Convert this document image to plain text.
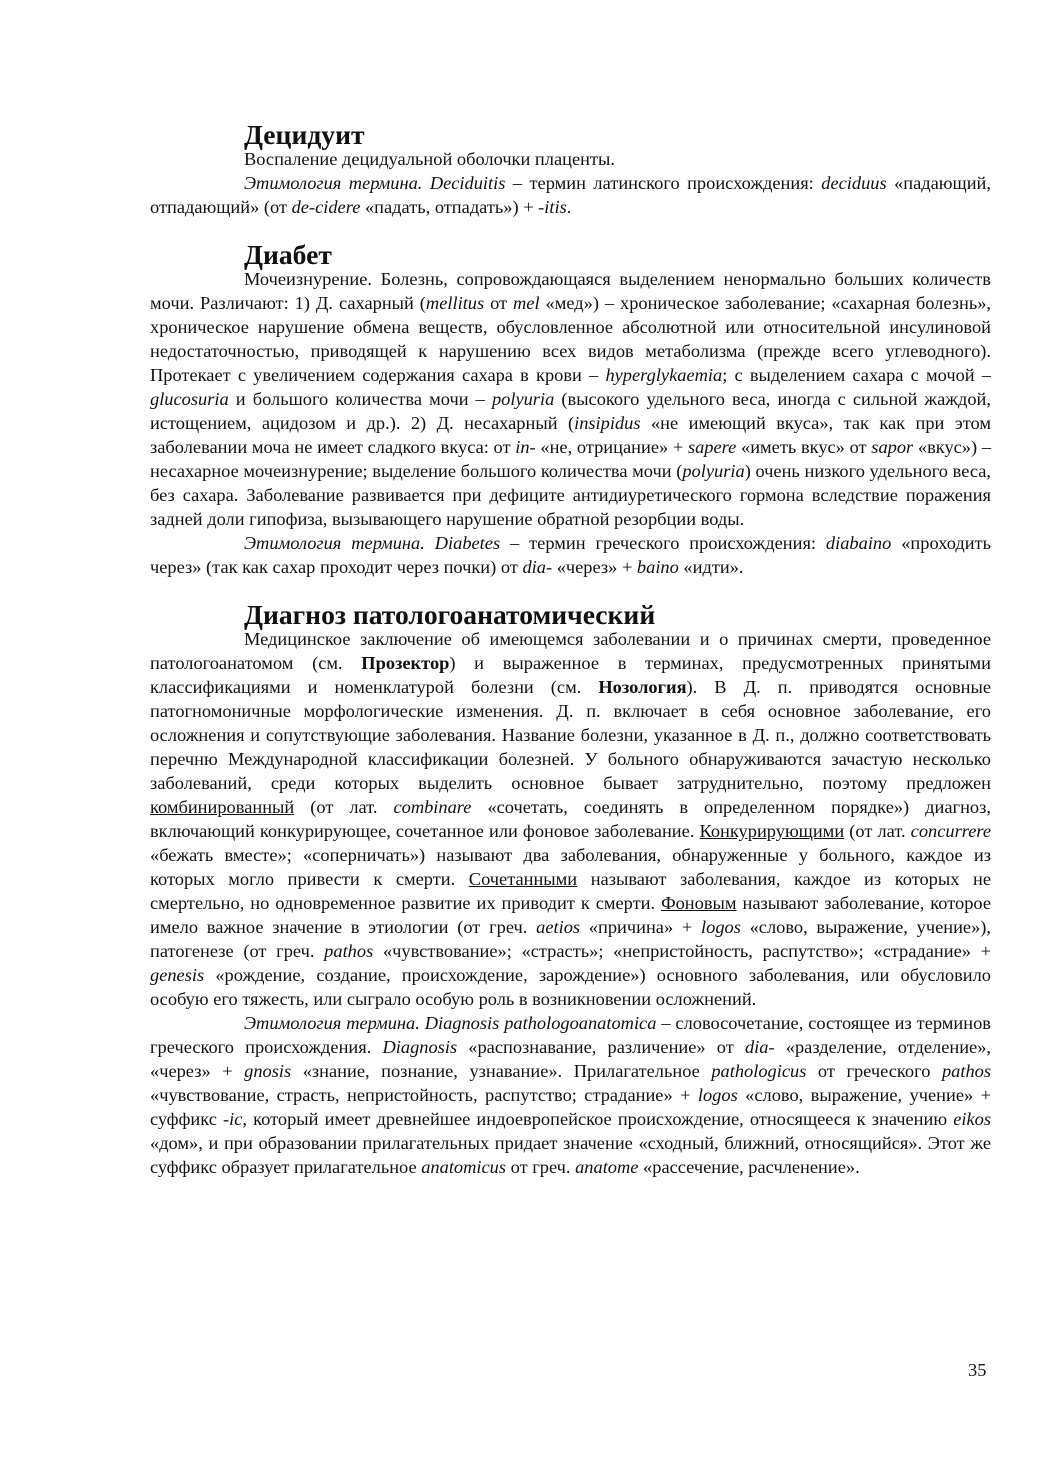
Децидуит

Воспаление децидуальной оболочки плаценты.

Этимология термина. Deciduitis – термин латинского происхождения: deciduus «падающий, отпадающий» (от de-cidere «падать, отпадать») + -itis.

Диабет

Мочеизнурение. Болезнь, сопровождающаяся выделением ненормально больших количеств мочи. Различают: 1) Д. сахарный (mellitus от mel «мед») – хроническое заболевание; «сахарная болезнь», хроническое нарушение обмена веществ, обусловленное абсолютной или относительной инсулиновой недостаточностью, приводящей к нарушению всех видов метаболизма (прежде всего углеводного). Протекает с увеличением содержания сахара в крови – hyperglykaemia; с выделением сахара с мочой – glucosuria и большого количества мочи – polyuria (высокого удельного веса, иногда с сильной жаждой, истощением, ацидозом и др.). 2) Д. несахарный (insipidus «не имеющий вкуса», так как при этом заболевании моча не имеет сладкого вкуса: от in- «не, отрицание» + sapere «иметь вкус» от sapor «вкус») – несахарное мочеизнурение; выделение большого количества мочи (polyuria) очень низкого удельного веса, без сахара. Заболевание развивается при дефиците антидиуретического гормона вследствие поражения задней доли гипофиза, вызывающего нарушение обратной резорбции воды.

Этимология термина. Diabetes – термин греческого происхождения: diabaino «проходить через» (так как сахар проходит через почки) от dia- «через» + baino «идти».

Диагноз патологоанатомический

Медицинское заключение об имеющемся заболевании и о причинах смерти, проведенное патологоанатомом (см. Прозектор) и выраженное в терминах, предусмотренных принятыми классификациями и номенклатурой болезни (см. Нозология). В Д. п. приводятся основные патогномоничные морфологические изменения. Д. п. включает в себя основное заболевание, его осложнения и сопутствующие заболевания. Название болезни, указанное в Д. п., должно соответствовать перечню Международной классификации болезней. У больного обнаруживаются зачастую несколько заболеваний, среди которых выделить основное бывает затруднительно, поэтому предложен комбинированный (от лат. combinare «сочетать, соединять в определенном порядке») диагноз, включающий конкурирующее, сочетанное или фоновое заболевание. Конкурирующими (от лат. concurrere «бежать вместе»; «соперничать») называют два заболевания, обнаруженные у больного, каждое из которых могло привести к смерти. Сочетанными называют заболевания, каждое из которых не смертельно, но одновременное развитие их приводит к смерти. Фоновым называют заболевание, которое имело важное значение в этиологии (от греч. aetios «причина» + logos «слово, выражение, учение»), патогенезе (от греч. pathos «чувствование»; «страсть»; «непристойность, распутство»; «страдание» + genesis «рождение, создание, происхождение, зарождение») основного заболевания, или обусловило особую его тяжесть, или сыграло особую роль в возникновении осложнений.

Этимология термина. Diagnosis pathologoanatomica – словосочетание, состоящее из терминов греческого происхождения. Diagnosis «распознавание, различение» от dia- «разделение, отделение», «через» + gnosis «знание, познание, узнавание». Прилагательное pathologicus от греческого pathos «чувствование, страсть, непристойность, распутство; страдание» + logos «слово, выражение, учение» + суффикс -ic, который имеет древнейшее индоевропейское происхождение, относящееся к значению eikos «дом», и при образовании прилагательных придает значение «сходный, ближний, относящийся». Этот же суффикс образует прилагательное anatomicus от греч. anatome «рассечение, расчленение».

35
